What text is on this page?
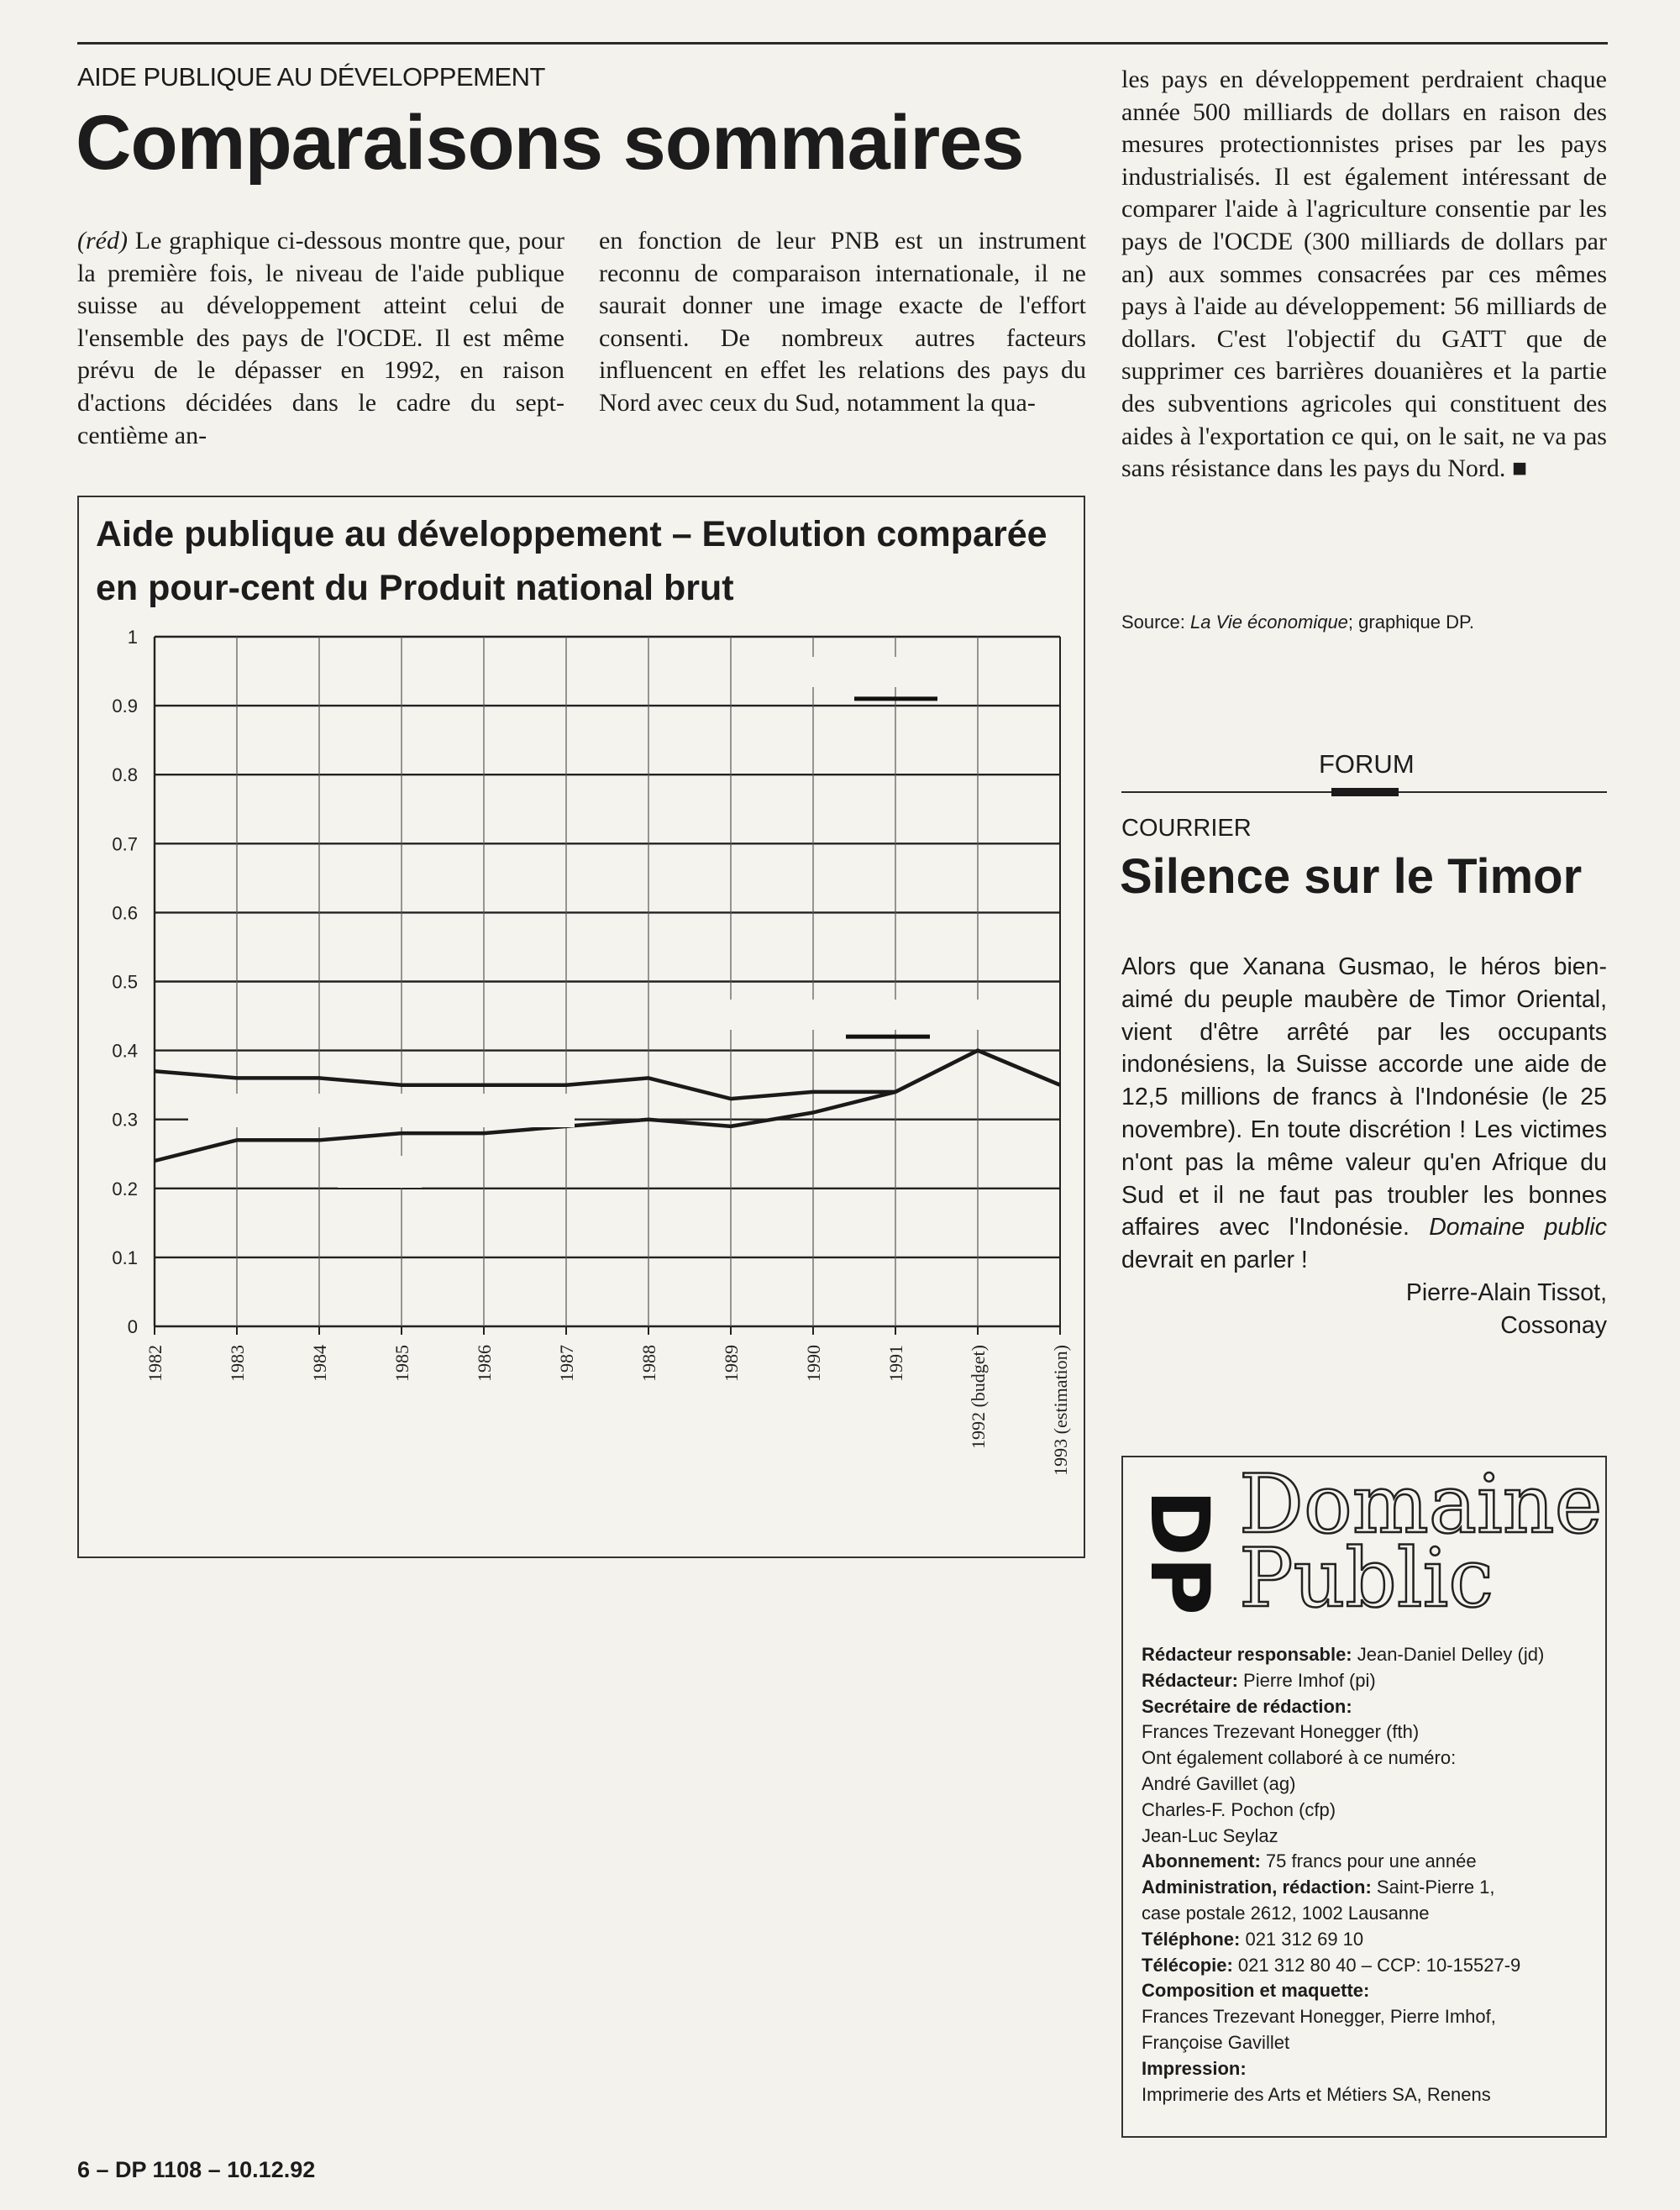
AIDE PUBLIQUE AU DÉVELOPPEMENT
Comparaisons sommaires

(réd) Le graphique ci-dessous montre que, pour la première fois, le niveau de l'aide publique suisse au développement atteint celui de l'ensemble des pays de l'OCDE. Il est même prévu de le dépasser en 1992, en raison d'actions décidées dans le cadre du sept-centième an-

en fonction de leur PNB est un instrument reconnu de comparaison internationale, il ne saurait donner une image exacte de l'effort consenti. De nombreux autres facteurs influencent en effet les relations des pays du Nord avec ceux du Sud, notamment la qua-

les pays en développement perdraient chaque année 500 milliards de dollars en raison des mesures protectionnistes prises par les pays industrialisés. Il est également intéressant de comparer l'aide à l'agriculture consentie par les pays de l'OCDE (300 milliards de dollars par an) aux sommes consacrées par ces mêmes pays à l'aide au développement: 56 milliards de dollars. C'est l'objectif du GATT que de supprimer ces barrières douanières et la partie des subventions agricoles qui constituent des aides à l'exportation ce qui, on le sait, ne va pas sans résistance dans les pays du Nord. ■

Source: La Vie économique; graphique DP.
Aide publique au développement – Evolution comparée
en pour-cent du Produit national brut
0
0.1
0.2
0.3
0.4
0.5
0.6
0.7
0.8
0.9
1
1982	1983	1984	1985	1986	1987	1988	1989	1990	1991	1992 (budget)	1993 (estimation)
FORUM
COURRIER
Silence sur le Timor

Alors que Xanana Gusmao, le héros bien-aimé du peuple maubère de Timor Oriental, vient d'être arrêté par les occupants indonésiens, la Suisse accorde une aide de 12,5 millions de francs à l'Indonésie (le 25 novembre). En toute discrétion ! Les victimes n'ont pas la même valeur qu'en Afrique du Sud et il ne faut pas troubler les bonnes affaires avec l'Indonésie. Domaine public devrait en parler !

Pierre-Alain Tissot,
Cossonay
DP Domaine
Public
Rédacteur responsable: Jean-Daniel Delley (jd)
Rédacteur: Pierre Imhof (pi)
Secrétaire de rédaction:
Frances Trezevant Honegger (fth)
Ont également collaboré à ce numéro:
André Gavillet (ag)
Charles-F. Pochon (cfp)
Jean-Luc Seylaz
Abonnement: 75 francs pour une année
Administration, rédaction: Saint-Pierre 1,
case postale 2612, 1002 Lausanne
Téléphone: 021 312 69 10
Télécopie: 021 312 80 40 – CCP: 10-15527-9
Composition et maquette:
Frances Trezevant Honegger, Pierre Imhof,
Françoise Gavillet
Impression:
Imprimerie des Arts et Métiers SA, Renens
6 – DP 1108 – 10.12.92
